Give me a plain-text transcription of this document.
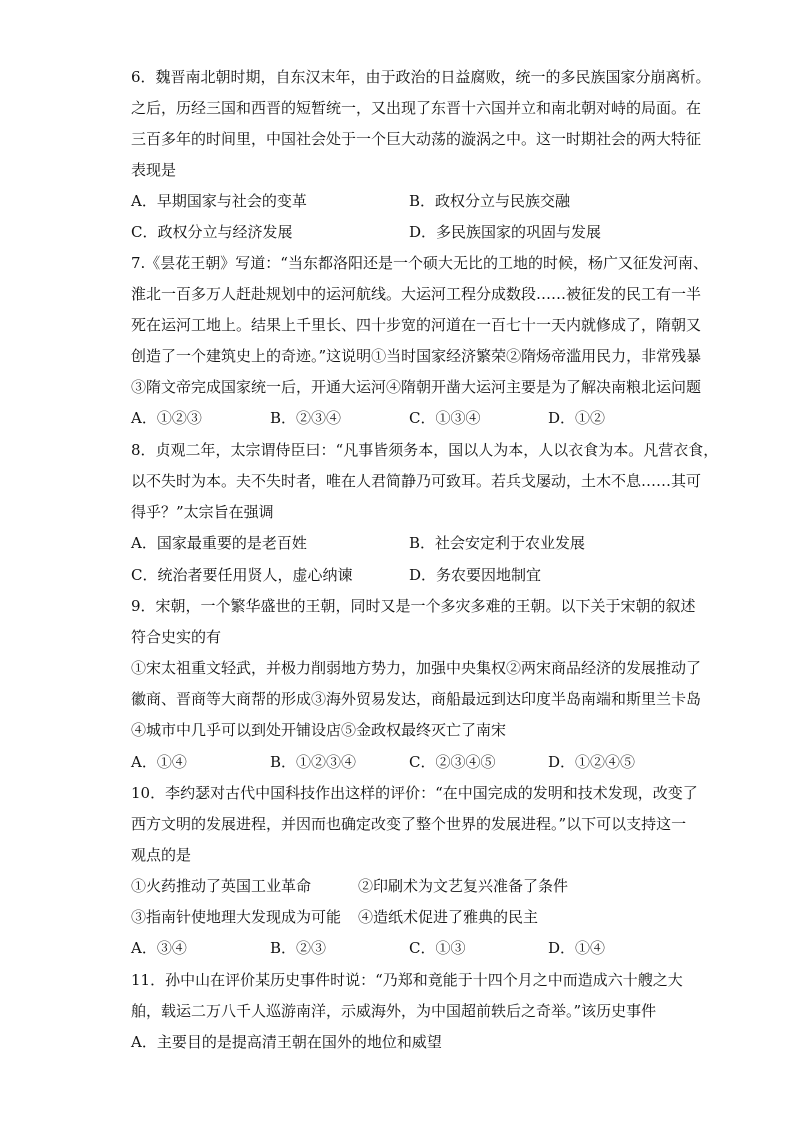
6．魏晋南北朝时期，自东汉末年，由于政治的日益腐败，统一的多民族国家分崩离析。
之后，历经三国和西晋的短暂统一，又出现了东晋十六国并立和南北朝对峙的局面。在
三百多年的时间里，中国社会处于一个巨大动荡的漩涡之中。这一时期社会的两大特征
表现是
A．早期国家与社会的变革	B．政权分立与民族交融
C．政权分立与经济发展	D．多民族国家的巩固与发展
7.《昙花王朝》写道：“当东都洛阳还是一个硕大无比的工地的时候，杨广又征发河南、
淮北一百多万人赶赴规划中的运河航线。大运河工程分成数段……被征发的民工有一半
死在运河工地上。结果上千里长、四十步宽的河道在一百七十一天内就修成了，隋朝又
创造了一个建筑史上的奇迹。”这说明①当时国家经济繁荣②隋炀帝滥用民力，非常残暴
③隋文帝完成国家统一后，开通大运河④隋朝开凿大运河主要是为了解决南粮北运问题
A．①②③	B．②③④	C．①③④	D．①②
8．贞观二年，太宗谓侍臣曰：“凡事皆须务本，国以人为本，人以衣食为本。凡营衣食，
以不失时为本。夫不失时者，唯在人君简静乃可致耳。若兵戈屡动，土木不息……其可
得乎？”太宗旨在强调
A．国家最重要的是老百姓	B．社会安定利于农业发展
C．统治者要任用贤人，虚心纳谏	D．务农要因地制宜
9．宋朝，一个繁华盛世的王朝，同时又是一个多灾多难的王朝。以下关于宋朝的叙述
符合史实的有
①宋太祖重文轻武，并极力削弱地方势力，加强中央集权②两宋商品经济的发展推动了
徽商、晋商等大商帮的形成③海外贸易发达，商船最远到达印度半岛南端和斯里兰卡岛
④城市中几乎可以到处开铺设店⑤金政权最终灭亡了南宋
A．①④	B．①②③④	C．②③④⑤	D．①②④⑤
10．李约瑟对古代中国科技作出这样的评价：“在中国完成的发明和技术发现，改变了
西方文明的发展进程，并因而也确定改变了整个世界的发展进程。”以下可以支持这一
观点的是
①火药推动了英国工业革命	②印刷术为文艺复兴准备了条件
③指南针使地理大发现成为可能 ④造纸术促进了雅典的民主
A．③④	B．②③	C．①③	D．①④
11．孙中山在评价某历史事件时说：“乃郑和竟能于十四个月之中而造成六十艘之大
舶，载运二万八千人巡游南洋，示威海外，为中国超前轶后之奇举。”该历史事件
A．主要目的是提高清王朝在国外的地位和威望
